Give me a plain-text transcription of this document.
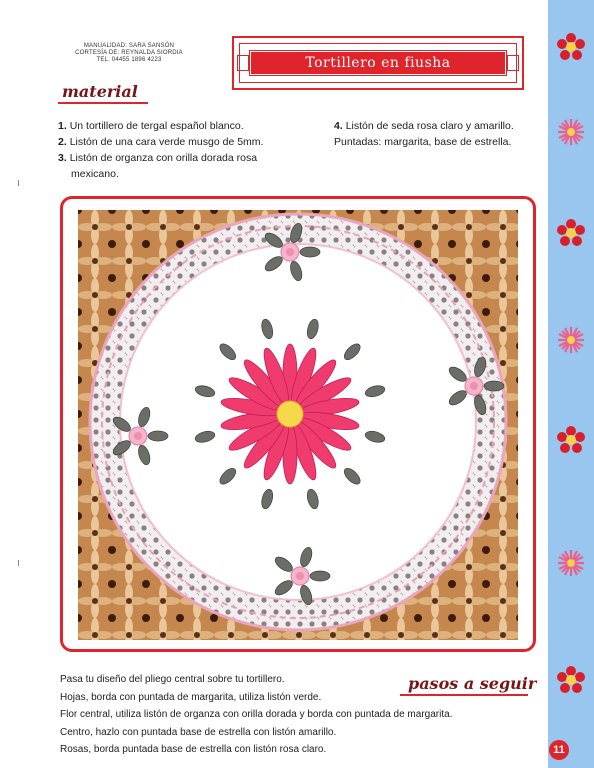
MANUALIDAD: SARA SANSÓN
CORTESÍA DE: REYNALDA SIORDIA
TEL. 04455 1896 4223	Tortillero en fiusha
material
1. Un tortillero de tergal español blanco.
2. Listón de una cara verde musgo de 5mm.
3. Listón de organza con orilla dorada rosa mexicano.
4. Listón de seda rosa claro y amarillo.
Puntadas: margarita, base de estrella.
pasos a seguir
Pasa tu diseño del pliego central sobre tu tortillero.
Hojas, borda con puntada de margarita, utiliza listón verde.
Flor central, utiliza listón de organza con orilla dorada y borda con puntada de margarita.
Centro, hazlo con puntada base de estrella con listón amarillo.
Rosas, borda puntada base de estrella con listón rosa claro.	11
